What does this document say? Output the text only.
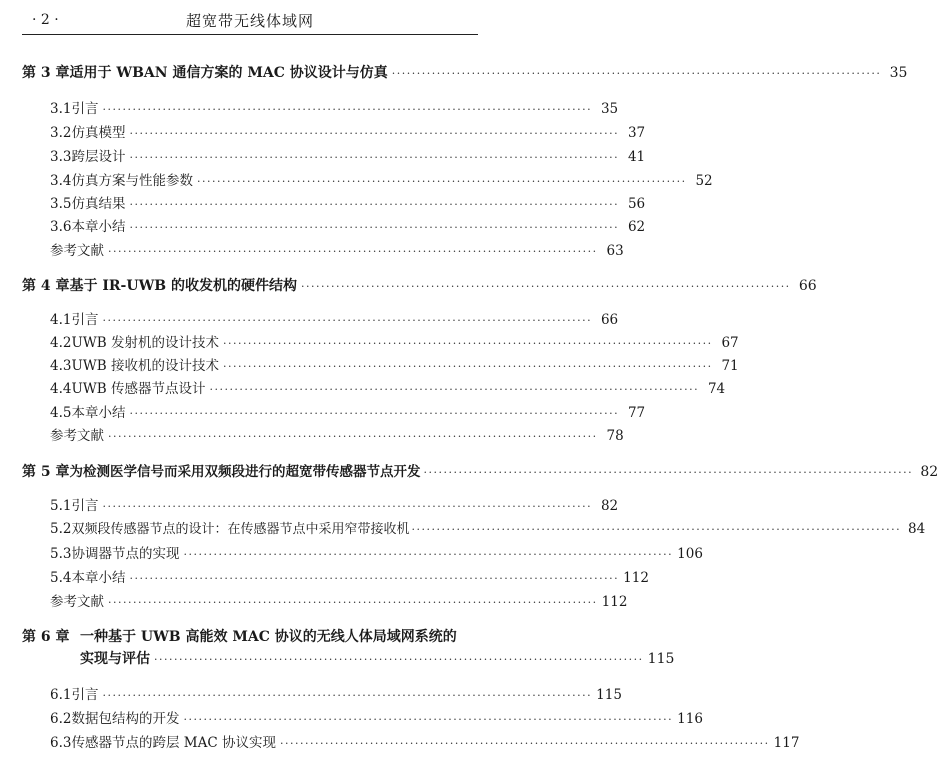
· 2 ·	超宽带无线体域网
第 3 章 适用于 WBAN 通信方案的 MAC 协议设计与仿真 ·································································································· 35
3.1 引言 ·································································································· 35
3.2 仿真模型 ·································································································· 37
3.3 跨层设计 ·································································································· 41
3.4 仿真方案与性能参数 ·································································································· 52
3.5 仿真结果 ·································································································· 56
3.6 本章小结 ·································································································· 62
参考文献 ·································································································· 63
第 4 章 基于 IR-UWB 的收发机的硬件结构 ·································································································· 66
4.1 引言 ·································································································· 66
4.2 UWB 发射机的设计技术 ·································································································· 67
4.3 UWB 接收机的设计技术 ·································································································· 71
4.4 UWB 传感器节点设计 ·································································································· 74
4.5 本章小结 ·································································································· 77
参考文献 ·································································································· 78
第 5 章 为检测医学信号而采用双频段进行的超宽带传感器节点开发 ·································································································· 82
5.1 引言 ·································································································· 82
5.2 双频段传感器节点的设计：在传感器节点中采用窄带接收机 ·································································································· 84
5.3 协调器节点的实现 ·································································································· 106
5.4 本章小结 ·································································································· 112
参考文献 ·································································································· 112
第 6 章 一种基于 UWB 高能效 MAC 协议的无线人体局域网系统的
实现与评估 ·································································································· 115
6.1 引言 ·································································································· 115
6.2 数据包结构的开发 ·································································································· 116
6.3 传感器节点的跨层 MAC 协议实现 ·································································································· 117
